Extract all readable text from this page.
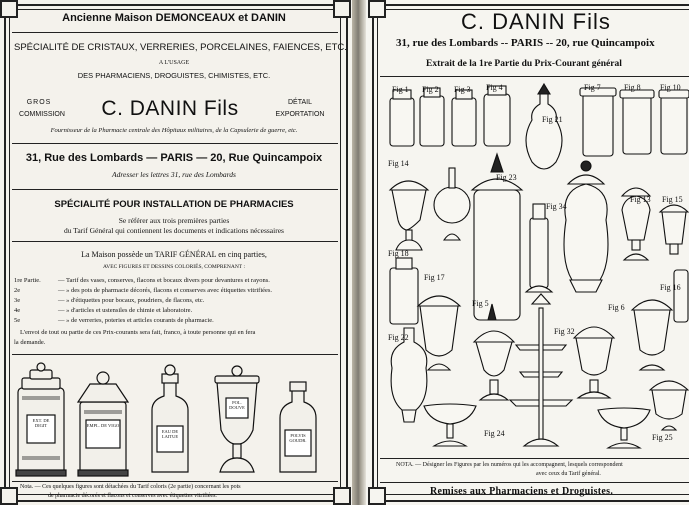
Ancienne Maison DEMONCEAUX et DANIN
SPÉCIALITÉ DE CRISTAUX, VERRERIES, PORCELAINES, FAIENCES, ETC.
A L'USAGE
DES PHARMACIENS, DROGUISTES, CHIMISTES, ETC.
GROS
COMMISSION	C. DANIN Fils	DÉTAIL
EXPORTATION
Fournisseur de la Pharmacie centrale des Hôpitaux militaires, de la Capsulerie de guerre, etc.
31, Rue des Lombards — PARIS — 20, Rue Quincampoix
Adresser les lettres 31, rue des Lombards
SPÉCIALITÉ POUR INSTALLATION DE PHARMACIES
Se référer aux trois premières parties
du Tarif Général qui contiennent les documents et indications nécessaires
La Maison possède un TARIF GÉNÉRAL en cinq parties,
AVEC FIGURES ET DESSINS COLORIÉS, COMPRENANT :
1re Partie.	— Tarif des vases, conserves, flacons et bocaux divers pour devantures et rayons.
2e	— » des pots de pharmacie décorés, flacons et conserves avec étiquettes vitrifiées.
3e	— » d'étiquettes pour bocaux, poudriers, de flacons, etc.
4e	— » d'articles et ustensiles de chimie et laboratoire.
5e	— » de verreries, poteries et articles courants de pharmacie.
L'envoi de tout ou partie de ces Prix-courants sera fait, franco, à toute personne qui en fera
la demande.
EXT. DE DIGIT	EMPL. DE VIGO
EAU DE LAITUE
POL. DOUVE
POLVIS GOUDR.
Nota. — Ces quelques figures sont détachées du Tarif coloris (2e partie) concernant les pots
de pharmacie décorés et flacons et conserves avec étiquettes vitrifiées.
C. DANIN Fils
31, rue des Lombards -- PARIS -- 20, rue Quincampoix
Extrait de la 1re Partie du Prix-Courant général
Fig 1 Fig 2 Fig 3 Fig 4	Fig 7	Fig 8 Fig 10
Fig 14
Fig 23
Fig 21
Fig 34
Fig 13 Fig 15
Fig 18
Fig 17
Fig 16
Fig 22
Fig 5
Fig 32
Fig 6
Fig 24	Fig 25
NOTA. — Désigner les Figures par les numéros qui les accompagnent, lesquels correspondent
avec ceux du Tarif général.
Remises aux Pharmaciens et Droguistes.
